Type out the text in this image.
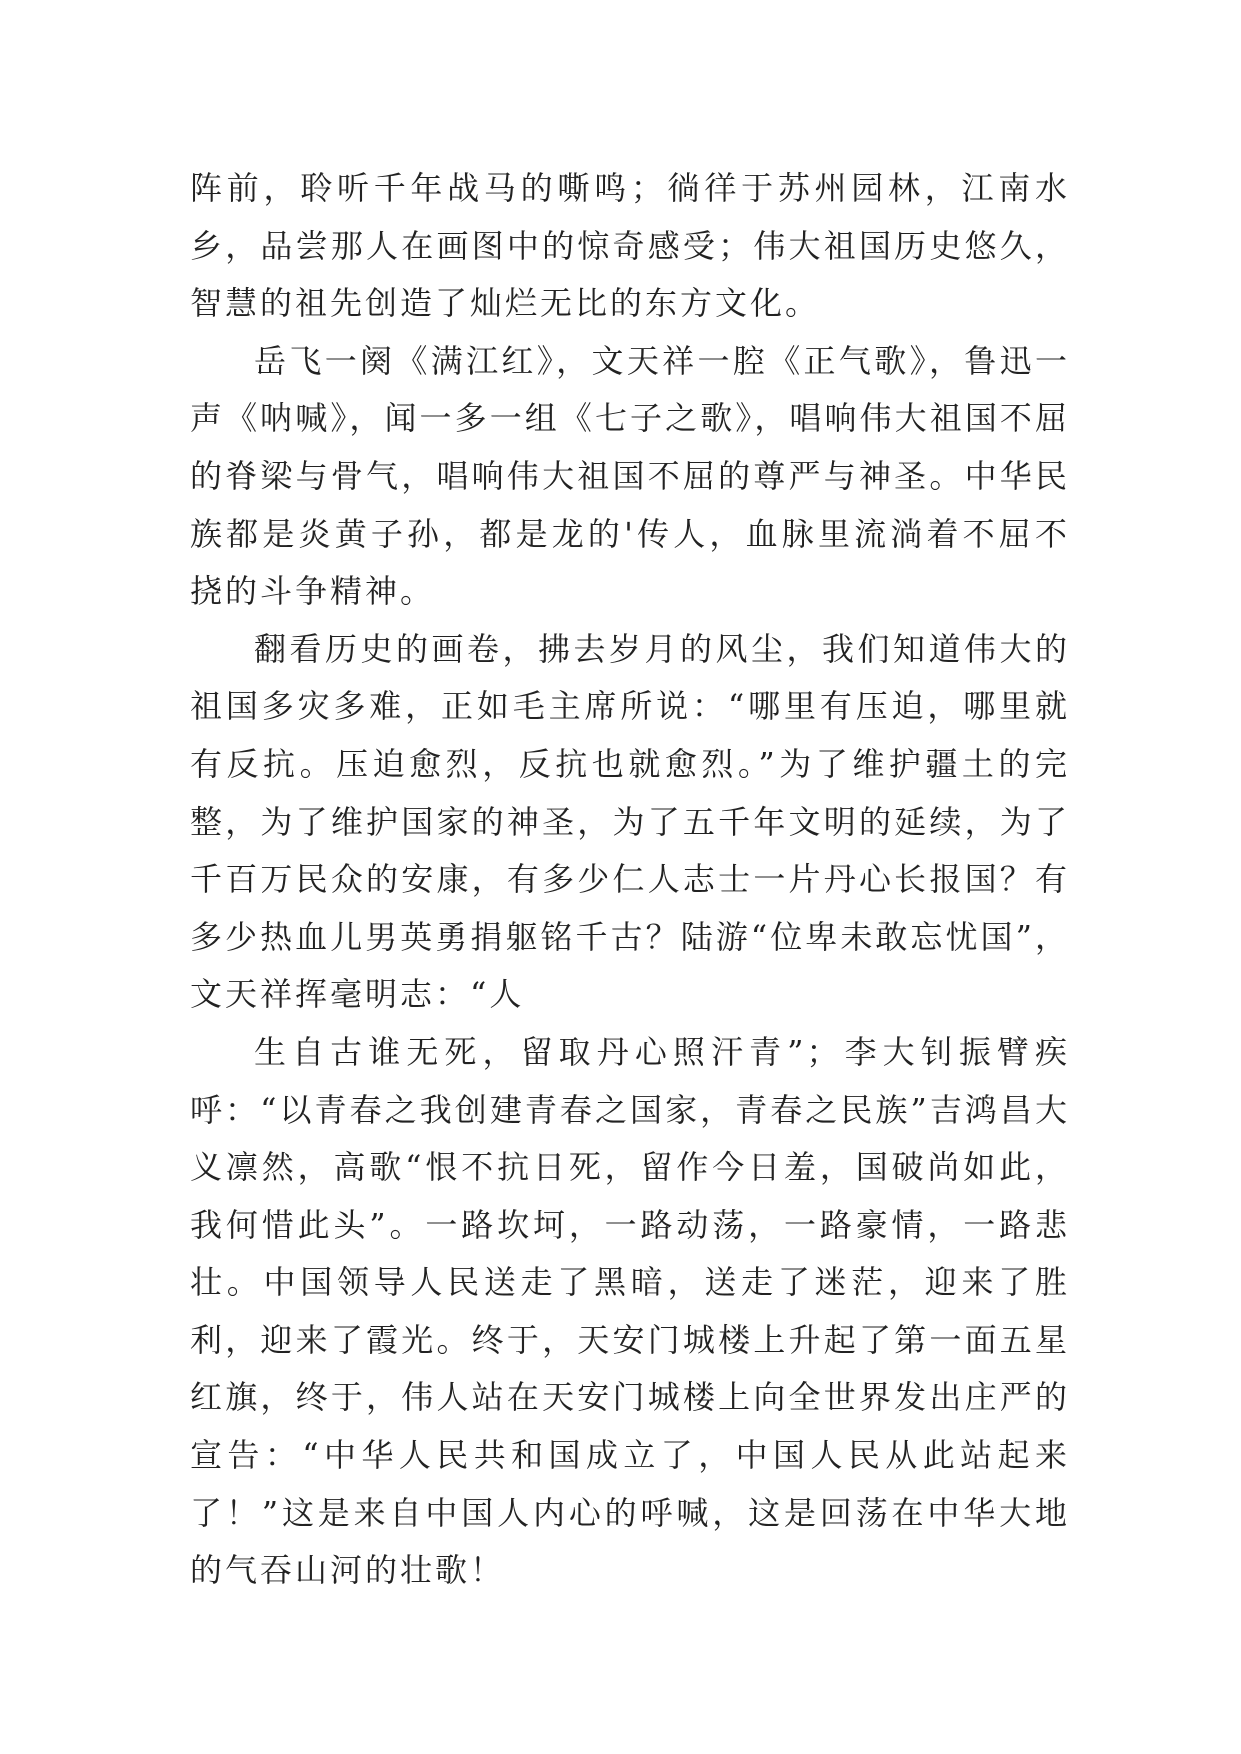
阵前，聆听千年战马的嘶鸣；徜徉于苏州园林，江南水乡，品尝那人在画图中的惊奇感受；伟大祖国历史悠久，智慧的祖先创造了灿烂无比的东方文化。

岳飞一阕《满江红》，文天祥一腔《正气歌》，鲁迅一声《呐喊》，闻一多一组《七子之歌》，唱响伟大祖国不屈的脊梁与骨气，唱响伟大祖国不屈的尊严与神圣。中华民族都是炎黄子孙，都是龙的'传人，血脉里流淌着不屈不挠的斗争精神。

翻看历史的画卷，拂去岁月的风尘，我们知道伟大的祖国多灾多难，正如毛主席所说：“哪里有压迫，哪里就有反抗。压迫愈烈，反抗也就愈烈。”为了维护疆土的完整，为了维护国家的神圣，为了五千年文明的延续，为了千百万民众的安康，有多少仁人志士一片丹心长报国？有多少热血儿男英勇捐躯铭千古？陆游“位卑未敢忘忧国”，文天祥挥毫明志：“人

生自古谁无死，留取丹心照汗青”；李大钊振臂疾呼：“以青春之我创建青春之国家，青春之民族”吉鸿昌大义凛然，高歌“恨不抗日死，留作今日羞，国破尚如此，我何惜此头”。一路坎坷，一路动荡，一路豪情，一路悲壮。中国领导人民送走了黑暗，送走了迷茫，迎来了胜利，迎来了霞光。终于，天安门城楼上升起了第一面五星红旗，终于，伟人站在天安门城楼上向全世界发出庄严的宣告：“中华人民共和国成立了，中国人民从此站起来了！”这是来自中国人内心的呼喊，这是回荡在中华大地的气吞山河的壮歌！
